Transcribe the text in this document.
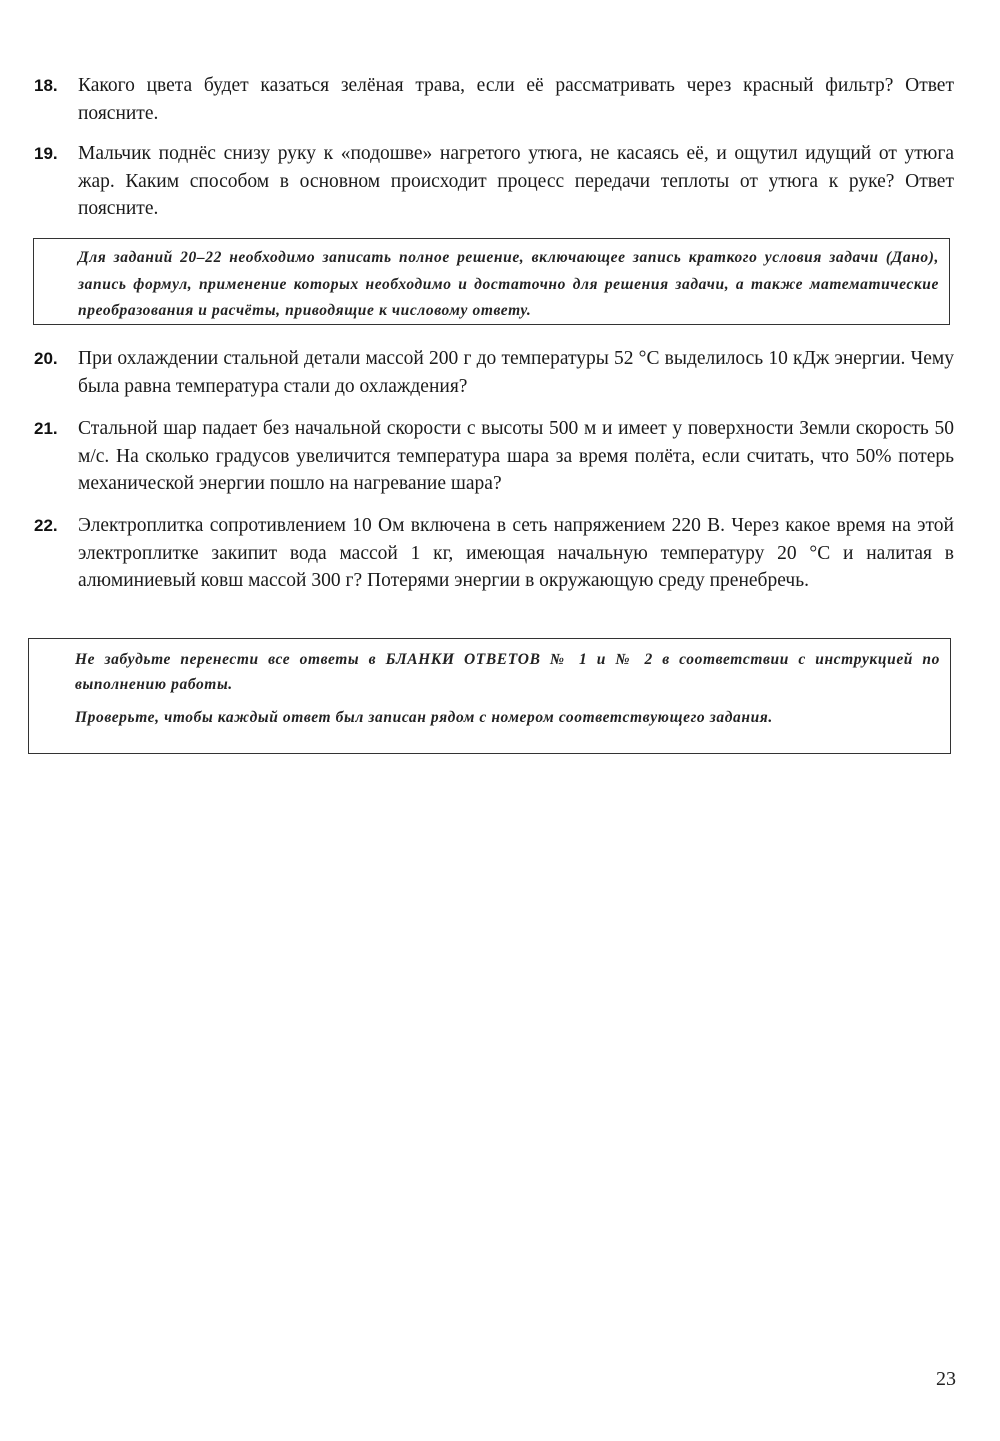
18.	Какого цвета будет казаться зелёная трава, если её рассматривать через красный фильтр? Ответ поясните.
19.	Мальчик поднёс снизу руку к «подошве» нагретого утюга, не касаясь её, и ощутил идущий от утюга жар. Каким способом в основном происходит процесс передачи теплоты от утюга к руке? Ответ поясните.

Для заданий 20–22 необходимо записать полное решение, включающее запись краткого условия задачи (Дано), запись формул, применение которых необходимо и достаточно для решения задачи, а также математические преобразования и расчёты, приводящие к числовому ответу.

20.	При охлаждении стальной детали массой 200 г до температуры 52 °С выделилось 10 кДж энергии. Чему была равна температура стали до охлаждения?
21.	Стальной шар падает без начальной скорости с высоты 500 м и имеет у поверхности Земли скорость 50 м/с. На сколько градусов увеличится температура шара за время полёта, если считать, что 50% потерь механической энергии пошло на нагревание шара?
22.	Электроплитка сопротивлением 10 Ом включена в сеть напряжением 220 В. Через какое время на этой электроплитке закипит вода массой 1 кг, имеющая начальную температуру 20 °С и налитая в алюминиевый ковш массой 300 г? Потерями энергии в окружающую среду пренебречь.

Не забудьте перенести все ответы в БЛАНКИ ОТВЕТОВ № 1 и № 2 в соответствии с инструкцией по выполнению работы.

Проверьте, чтобы каждый ответ был записан рядом с номером соответствующего задания.

23
